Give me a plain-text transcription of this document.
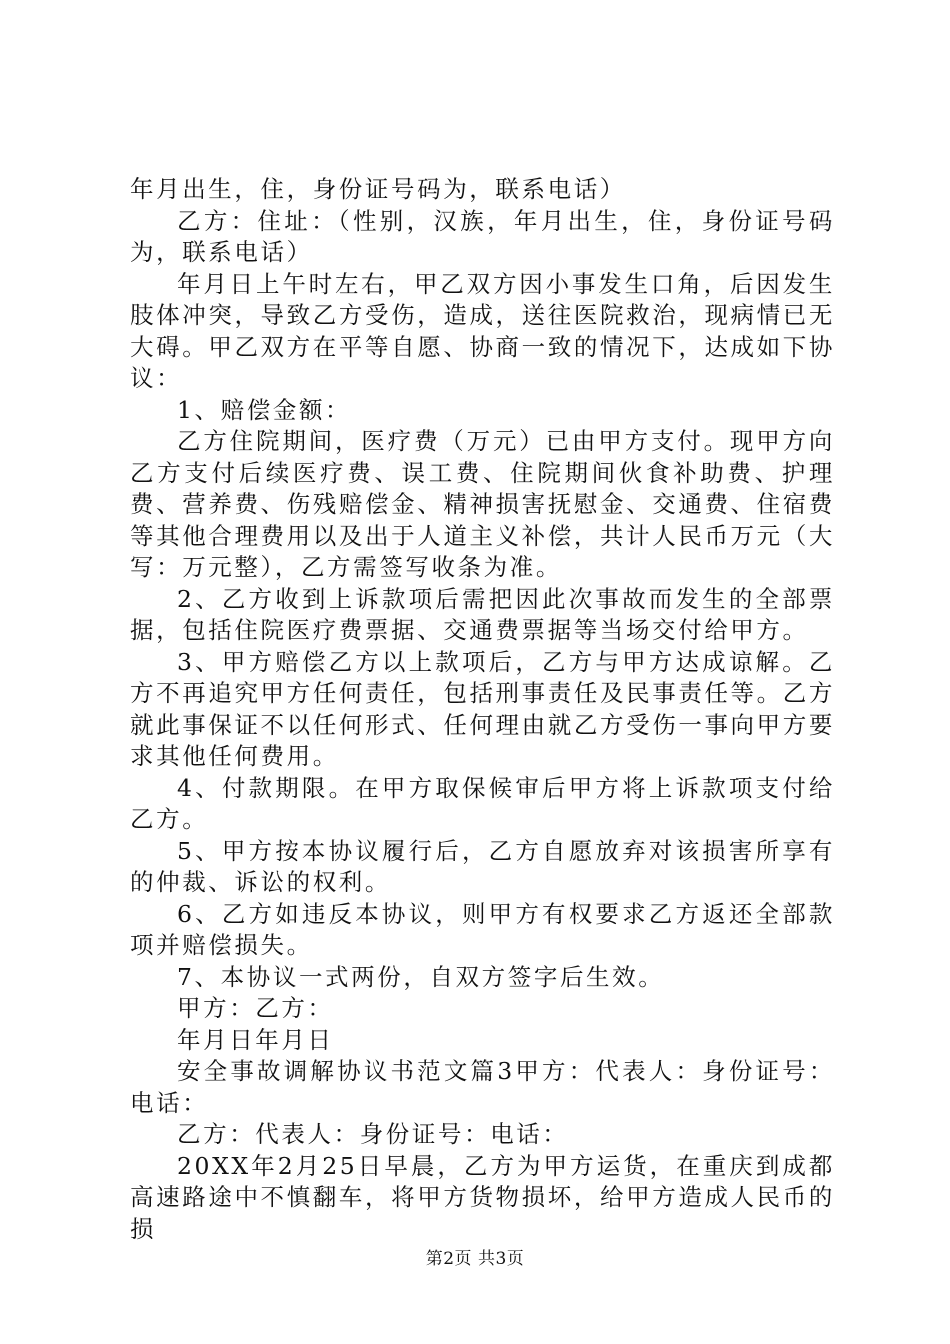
年月出生，住，身份证号码为，联系电话）

乙方：住址：（性别，汉族，年月出生，住，身份证号码为，联系电话）

年月日上午时左右，甲乙双方因小事发生口角，后因发生肢体冲突，导致乙方受伤，造成，送往医院救治，现病情已无大碍。甲乙双方在平等自愿、协商一致的情况下，达成如下协议：

1、赔偿金额：

乙方住院期间，医疗费（万元）已由甲方支付。现甲方向乙方支付后续医疗费、误工费、住院期间伙食补助费、护理费、营养费、伤残赔偿金、精神损害抚慰金、交通费、住宿费等其他合理费用以及出于人道主义补偿，共计人民币万元（大写：万元整），乙方需签写收条为准。

2、乙方收到上诉款项后需把因此次事故而发生的全部票据，包括住院医疗费票据、交通费票据等当场交付给甲方。

3、甲方赔偿乙方以上款项后，乙方与甲方达成谅解。乙方不再追究甲方任何责任，包括刑事责任及民事责任等。乙方就此事保证不以任何形式、任何理由就乙方受伤一事向甲方要求其他任何费用。

4、付款期限。在甲方取保候审后甲方将上诉款项支付给乙方。

5、甲方按本协议履行后，乙方自愿放弃对该损害所享有的仲裁、诉讼的权利。

6、乙方如违反本协议，则甲方有权要求乙方返还全部款项并赔偿损失。

7、本协议一式两份，自双方签字后生效。

甲方：乙方：

年月日年月日

安全事故调解协议书范文篇3甲方：代表人：身份证号：电话：

乙方：代表人：身份证号：电话：

20XX年2月25日早晨，乙方为甲方运货，在重庆到成都高速路途中不慎翻车，将甲方货物损坏，给甲方造成人民币的损

第2页 共3页
